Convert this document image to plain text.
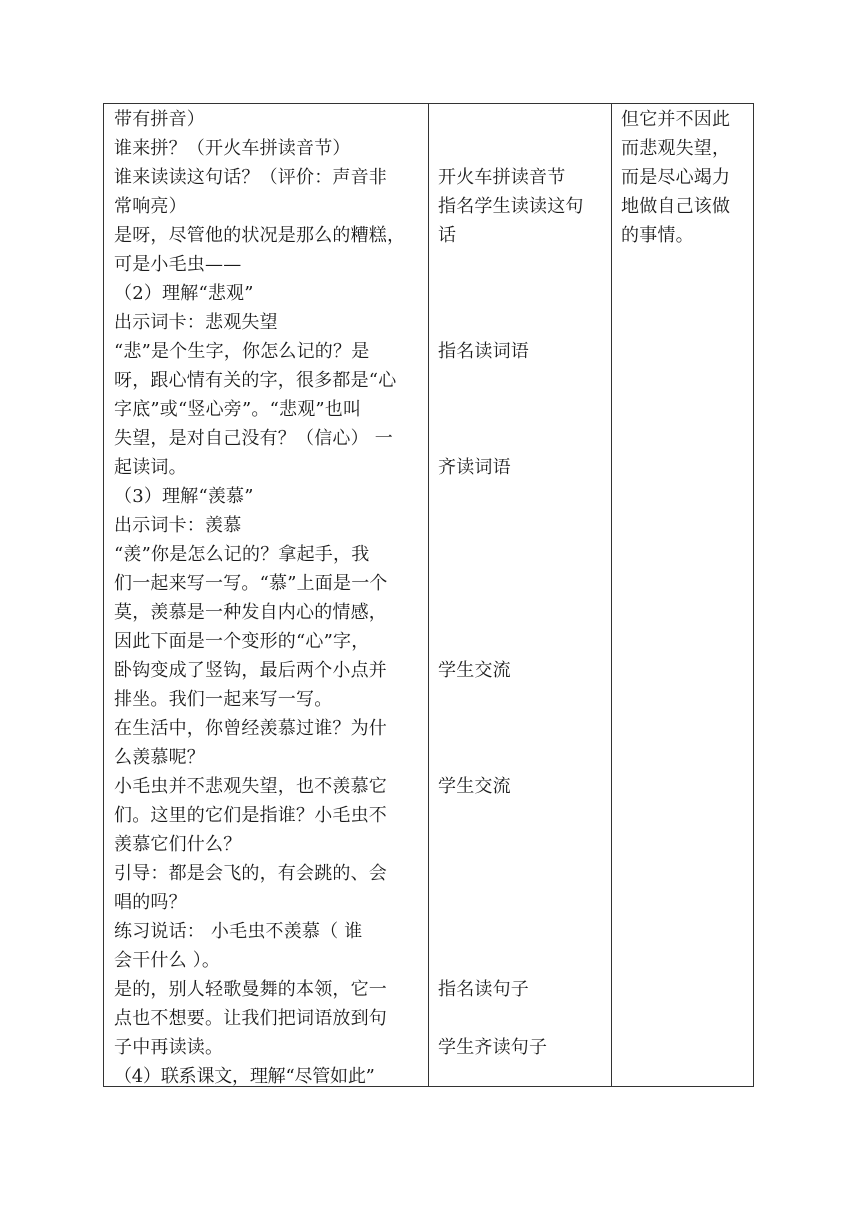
带有拼音）
谁来拼？（开火车拼读音节）
谁来读读这句话？（评价：声音非
常响亮）
是呀，尽管他的状况是那么的糟糕，
可是小毛虫——
（2）理解“悲观”
出示词卡：悲观失望
“悲”是个生字，你怎么记的？是
呀，跟心情有关的字，很多都是“心
字底”或“竖心旁”。“悲观”也叫
失望，是对自己没有？（信心） 一
起读词。
（3）理解“羡慕”
出示词卡：羡慕
“羡”你是怎么记的？拿起手，我
们一起来写一写。“慕”上面是一个
莫，羡慕是一种发自内心的情感，
因此下面是一个变形的“心”字，
卧钩变成了竖钩，最后两个小点并
排坐。我们一起来写一写。
在生活中，你曾经羡慕过谁？为什
么羡慕呢？
小毛虫并不悲观失望，也不羡慕它
们。这里的它们是指谁？小毛虫不
羡慕它们什么？
引导：都是会飞的，有会跳的、会
唱的吗？
练习说话： 小毛虫不羡慕（ 谁
会干什么 ）。
是的，别人轻歌曼舞的本领，它一
点也不想要。让我们把词语放到句
子中再读读。
（4）联系课文，理解“尽管如此”
开火车拼读音节
指名学生读读这句
话
指名读词语
齐读词语
学生交流
学生交流
指名读句子
学生齐读句子
但它并不因此
而悲观失望，
而是尽心竭力
地做自己该做
的事情。
